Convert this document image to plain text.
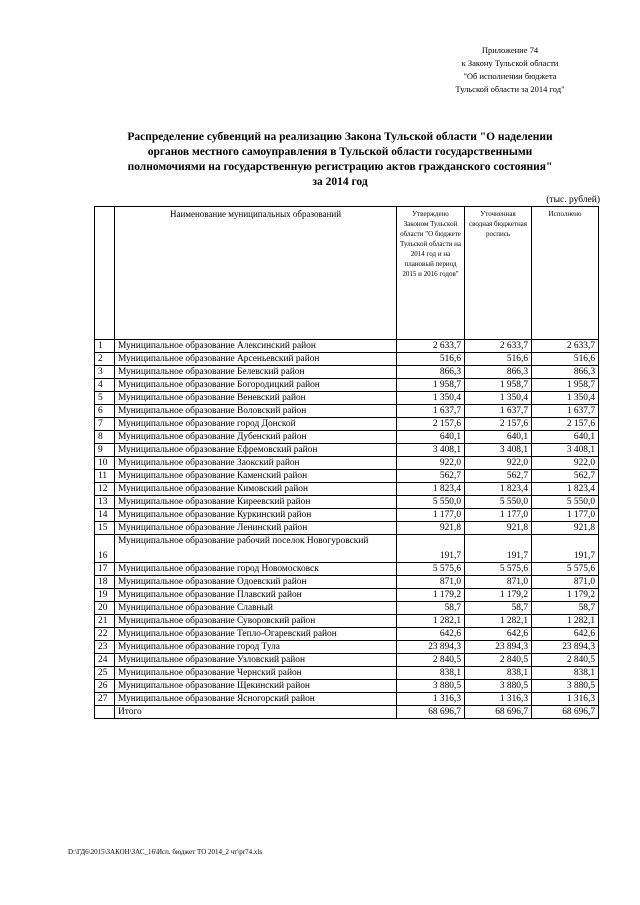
Приложение 74
к Закону Тульской области
"Об исполнении бюджета
Тульской области за 2014 год"
Распределение субвенций на реализацию Закона Тульской области "О наделении
органов местного самоуправления в Тульской области государственными
полномочиями на государственную регистрацию актов гражданского состояния"
за 2014 год
(тыс. рублей)
	Наименование муниципальных образований	Утверждено Законом Тульской области "О бюджете Тульской области на 2014 год и на плановый период 2015 и 2016 годов"	Уточненная сводная бюджетная роспись	Исполнено
1	Муниципальное образование Алексинский район	2 633,7	2 633,7	2 633,7
2	Муниципальное образование Арсеньевский район	516,6	516,6	516,6
3	Муниципальное образование Белевский район	866,3	866,3	866,3
4	Муниципальное образование Богородицкий район	1 958,7	1 958,7	1 958,7
5	Муниципальное образование Веневский район	1 350,4	1 350,4	1 350,4
6	Муниципальное образование Воловский район	1 637,7	1 637,7	1 637,7
7	Муниципальное образование город Донской	2 157,6	2 157,6	2 157,6
8	Муниципальное образование Дубенский район	640,1	640,1	640,1
9	Муниципальное образование Ефремовский район	3 408,1	3 408,1	3 408,1
10	Муниципальное образование Заокский район	922,0	922,0	922,0
11	Муниципальное образование Каменский район	562,7	562,7	562,7
12	Муниципальное образование Кимовский район	1 823,4	1 823,4	1 823,4
13	Муниципальное образование Киреевский район	5 550,0	5 550,0	5 550,0
14	Муниципальное образование Куркинский район	1 177,0	1 177,0	1 177,0
15	Муниципальное образование Ленинский район	921,8	921,8	921,8
16	Муниципальное образование рабочий поселок Новогуровский	191,7	191,7	191,7
17	Муниципальное образование город Новомосковск	5 575,6	5 575,6	5 575,6
18	Муниципальное образование Одоевский район	871,0	871,0	871,0
19	Муниципальное образование Плавский район	1 179,2	1 179,2	1 179,2
20	Муниципальное образование Славный	58,7	58,7	58,7
21	Муниципальное образование Суворовский район	1 282,1	1 282,1	1 282,1
22	Муниципальное образование Тепло-Огаревский район	642,6	642,6	642,6
23	Муниципальное образование город Тула	23 894,3	23 894,3	23 894,3
24	Муниципальное образование Узловский район	2 840,5	2 840,5	2 840,5
25	Муниципальное образование Чернский район	838,1	838,1	838,1
26	Муниципальное образование Щекинский район	3 880,5	3 880,5	3 880,5
27	Муниципальное образование Ясногорский район	1 316,3	1 316,3	1 316,3
	Итого	68 696,7	68 696,7	68 696,7
D:\ГД6\2015\ЗАКОН\ЗАС_16\Исп. бюджет ТО 2014_2 чт\pr74.xls
